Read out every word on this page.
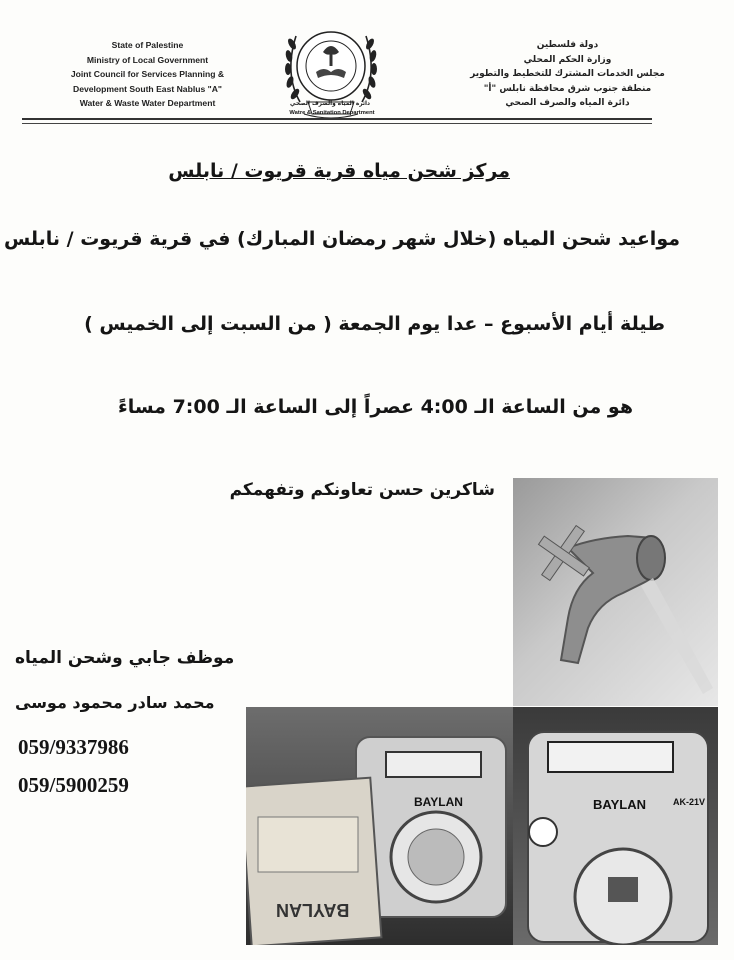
State of Palestine
Ministry of Local Government
Joint Council for Services Planning &
Development South East Nablus "A"
Water & Waste Water Department	دائرة المياه والصرف الصحي
Watre & Sanitation Department
دولة فلسطين
وزارة الحكم المحلي
مجلس الخدمات المشترك للتخطيط والتطوير
منطقة جنوب شرق محافظة نابلس "أ"
دائرة المياه والصرف الصحي
مركز شحن مياه قرية قريوت / نابلس
مواعيد شحن المياه (خلال شهر رمضان المبارك) في قرية قريوت / نابلس
طيلة أيام الأسبوع – عدا يوم الجمعة ( من السبت إلى الخميس )
هو من الساعة الـ 4:00 عصراً إلى الساعة الـ 7:00 مساءً
شاكرين حسن تعاونكم وتفهمكم
موظف جابي وشحن المياه
محمد سادر محمود موسى
059/9337986
059/5900259
BAYLAN
BAYLAN
BAYLAN	AK-21V
